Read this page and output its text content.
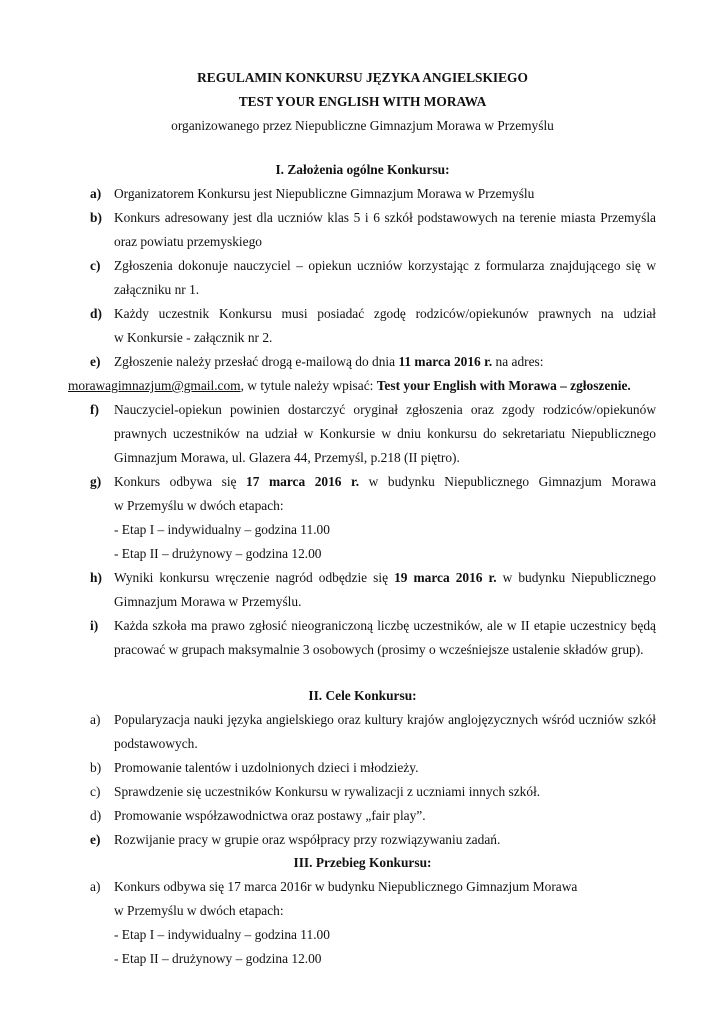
REGULAMIN KONKURSU JĘZYKA ANGIELSKIEGO
TEST YOUR ENGLISH WITH MORAWA
organizowanego przez Niepubliczne Gimnazjum Morawa w Przemyślu
I. Założenia ogólne Konkursu:
a) Organizatorem Konkursu jest Niepubliczne Gimnazjum Morawa w Przemyślu
b) Konkurs adresowany jest dla uczniów klas 5 i 6 szkół podstawowych na terenie miasta Przemyśla
oraz powiatu przemyskiego
c)	Zgłoszenia dokonuje nauczyciel – opiekun uczniów korzystając z formularza znajdującego się w
załączniku nr 1.
d) Każdy uczestnik Konkursu musi posiadać zgodę rodziców/opiekunów prawnych na udział
w Konkursie - załącznik nr 2.
e)	Zgłoszenie należy przesłać drogą e-mailową do dnia 11 marca 2016 r. na adres:
morawagimnazjum@gmail.com, w tytule należy wpisać: Test your English with Morawa – zgłoszenie.
f)	Nauczyciel-opiekun powinien dostarczyć oryginał zgłoszenia oraz zgody rodziców/opiekunów
prawnych uczestników na udział w Konkursie w dniu konkursu do sekretariatu Niepublicznego
Gimnazjum Morawa, ul. Glazera 44, Przemyśl, p.218 (II piętro).
g) Konkurs odbywa się 17 marca 2016 r. w budynku Niepublicznego Gimnazjum Morawa
w Przemyślu w dwóch etapach:
- Etap I – indywidualny – godzina 11.00
- Etap II – drużynowy – godzina 12.00
h) Wyniki konkursu wręczenie nagród odbędzie się 19 marca 2016 r. w budynku Niepublicznego
Gimnazjum Morawa w Przemyślu.
i)	Każda szkoła ma prawo zgłosić nieograniczoną liczbę uczestników, ale w II etapie uczestnicy będą
pracować w grupach maksymalnie 3 osobowych (prosimy o wcześniejsze ustalenie składów grup).
II. Cele Konkursu:
a)	Popularyzacja nauki języka angielskiego oraz kultury krajów anglojęzycznych wśród uczniów szkół
podstawowych.
b) Promowanie talentów i uzdolnionych dzieci i młodzieży.
c)	Sprawdzenie się uczestników Konkursu w rywalizacji z uczniami innych szkół.
d) Promowanie współzawodnictwa oraz postawy „fair play”.
e)	Rozwijanie pracy w grupie oraz współpracy przy rozwiązywaniu zadań.
III. Przebieg Konkursu:
a)	Konkurs odbywa się 17 marca 2016r w budynku Niepublicznego Gimnazjum Morawa
w Przemyślu w dwóch etapach:
- Etap I – indywidualny – godzina 11.00
- Etap II – drużynowy – godzina 12.00
